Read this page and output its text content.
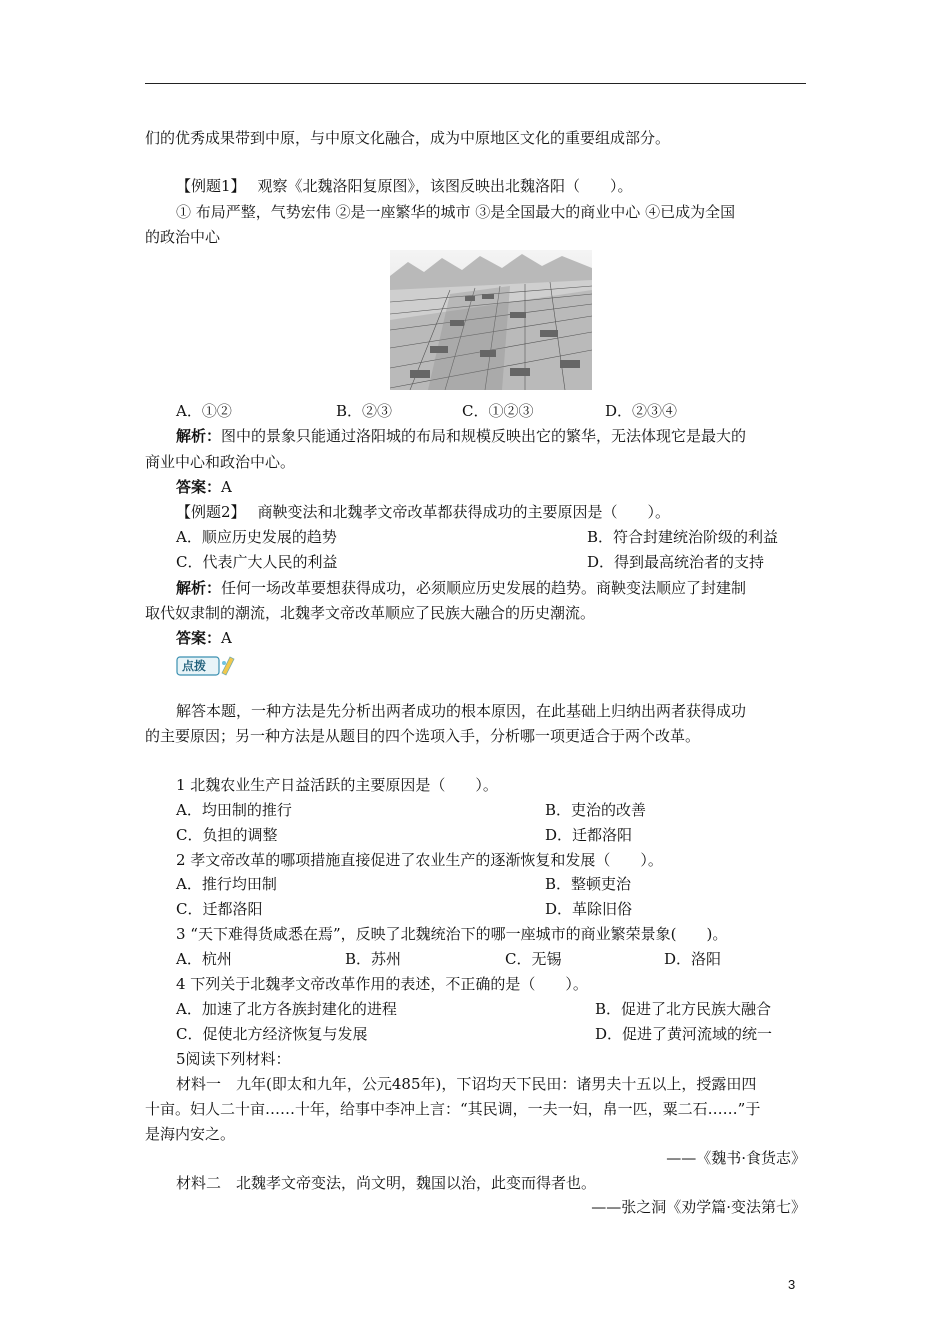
们的优秀成果带到中原，与中原文化融合，成为中原地区文化的重要组成部分。
【例题1】 观察《北魏洛阳复原图》，该图反映出北魏洛阳（　　）。
① 布局严整，气势宏伟 ②是一座繁华的城市 ③是全国最大的商业中心 ④已成为全国
的政治中心
A．①②	B．②③	C．①②③	D．②③④
解析：图中的景象只能通过洛阳城的布局和规模反映出它的繁华，无法体现它是最大的
商业中心和政治中心。
答案：A
【例题2】 商鞅变法和北魏孝文帝改革都获得成功的主要原因是（　　）。
A．顺应历史发展的趋势	B．符合封建统治阶级的利益
C．代表广大人民的利益	D．得到最高统治者的支持
解析：任何一场改革要想获得成功，必须顺应历史发展的趋势。商鞅变法顺应了封建制
取代奴隶制的潮流，北魏孝文帝改革顺应了民族大融合的历史潮流。
答案：A
点拨
解答本题，一种方法是先分析出两者成功的根本原因，在此基础上归纳出两者获得成功
的主要原因；另一种方法是从题目的四个选项入手，分析哪一项更适合于两个改革。
1 北魏农业生产日益活跃的主要原因是（　　）。
A．均田制的推行	B．吏治的改善
C．负担的调整	D．迁都洛阳
2 孝文帝改革的哪项措施直接促进了农业生产的逐渐恢复和发展（　　）。
A．推行均田制	B．整顿吏治
C．迁都洛阳	D．革除旧俗
3 “天下难得货咸悉在焉”，反映了北魏统治下的哪一座城市的商业繁荣景象(　　)。
A．杭州	B．苏州	C．无锡	D．洛阳
4 下列关于北魏孝文帝改革作用的表述，不正确的是（　　）。
A．加速了北方各族封建化的进程	B．促进了北方民族大融合
C．促使北方经济恢复与发展	D．促进了黄河流域的统一
5阅读下列材料：
材料一　九年(即太和九年，公元485年)，下诏均天下民田：诸男夫十五以上，授露田四
十亩。妇人二十亩……十年，给事中李冲上言：“其民调，一夫一妇，帛一匹，粟二石……”于
是海内安之。
——《魏书·食货志》
材料二　北魏孝文帝变法，尚文明，魏国以治，此变而得者也。
——张之洞《劝学篇·变法第七》
3
